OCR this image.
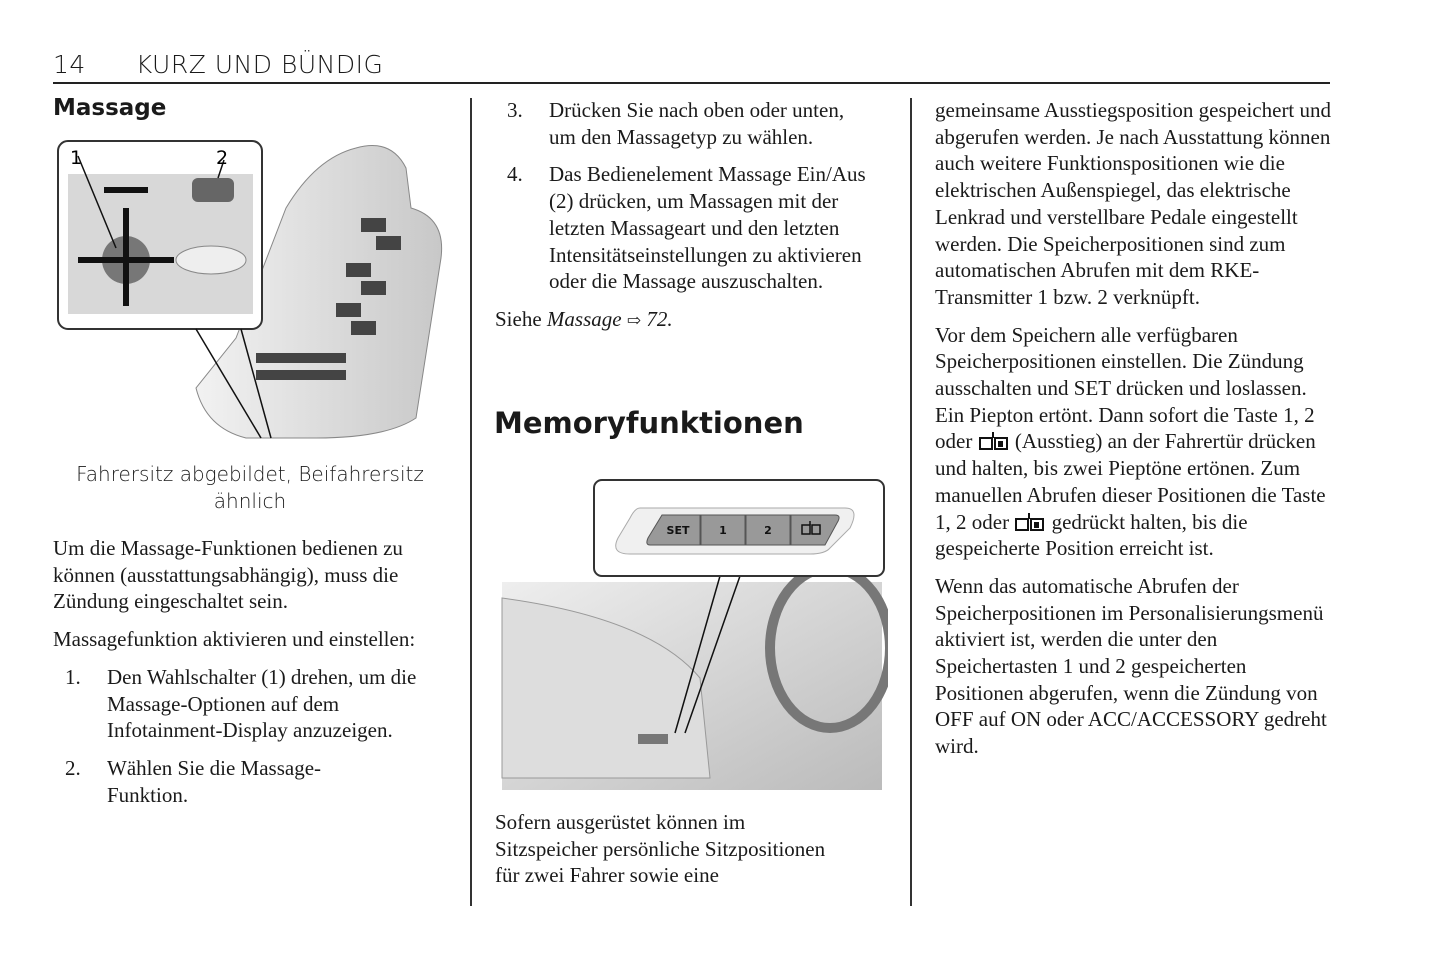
14 KURZ UND BÜNDIG
Massage
1	2
Fahrersitz abgebildet, Beifahrersitz ähnlich

Um die Massage-Funktionen bedienen zu können (ausstattungsabhängig), muss die Zündung eingeschaltet sein.

Massagefunktion aktivieren und einstellen:

1. Den Wahlschalter (1) drehen, um die Massage-Optionen auf dem Infotainment-Display anzuzeigen.
2. Wählen Sie die Massage-Funktion.
3. Drücken Sie nach oben oder unten, um den Massagetyp zu wählen.
4. Das Bedienelement Massage Ein/Aus (2) drücken, um Massagen mit der letzten Massageart und den letzten Intensitätseinstellungen zu aktivieren oder die Massage auszuschalten.

Siehe Massage ⇨ 72.

Memoryfunktionen
SET	1	2
Sofern ausgerüstet können im Sitzspeicher persönliche Sitzpositionen für zwei Fahrer sowie eine

gemeinsame Ausstiegsposition gespeichert und abgerufen werden. Je nach Ausstattung können auch weitere Funktionspositionen wie die elektrischen Außenspiegel, das elektrische Lenkrad und verstellbare Pedale eingestellt werden. Die Speicherpositionen sind zum automatischen Abrufen mit dem RKE-Transmitter 1 bzw. 2 verknüpft.

Vor dem Speichern alle verfügbaren Speicherpositionen einstellen. Die Zündung ausschalten und SET drücken und loslassen. Ein Piepton ertönt. Dann sofort die Taste 1, 2 oder  (Ausstieg) an der Fahrertür drücken und halten, bis zwei Pieptöne ertönen. Zum manuellen Abrufen dieser Positionen die Taste 1, 2 oder  gedrückt halten, bis die gespeicherte Position erreicht ist.

Wenn das automatische Abrufen der Speicherpositionen im Personalisierungsmenü aktiviert ist, werden die unter den Speichertasten 1 und 2 gespeicherten Positionen abgerufen, wenn die Zündung von OFF auf ON oder ACC/ACCESSORY gedreht wird.
